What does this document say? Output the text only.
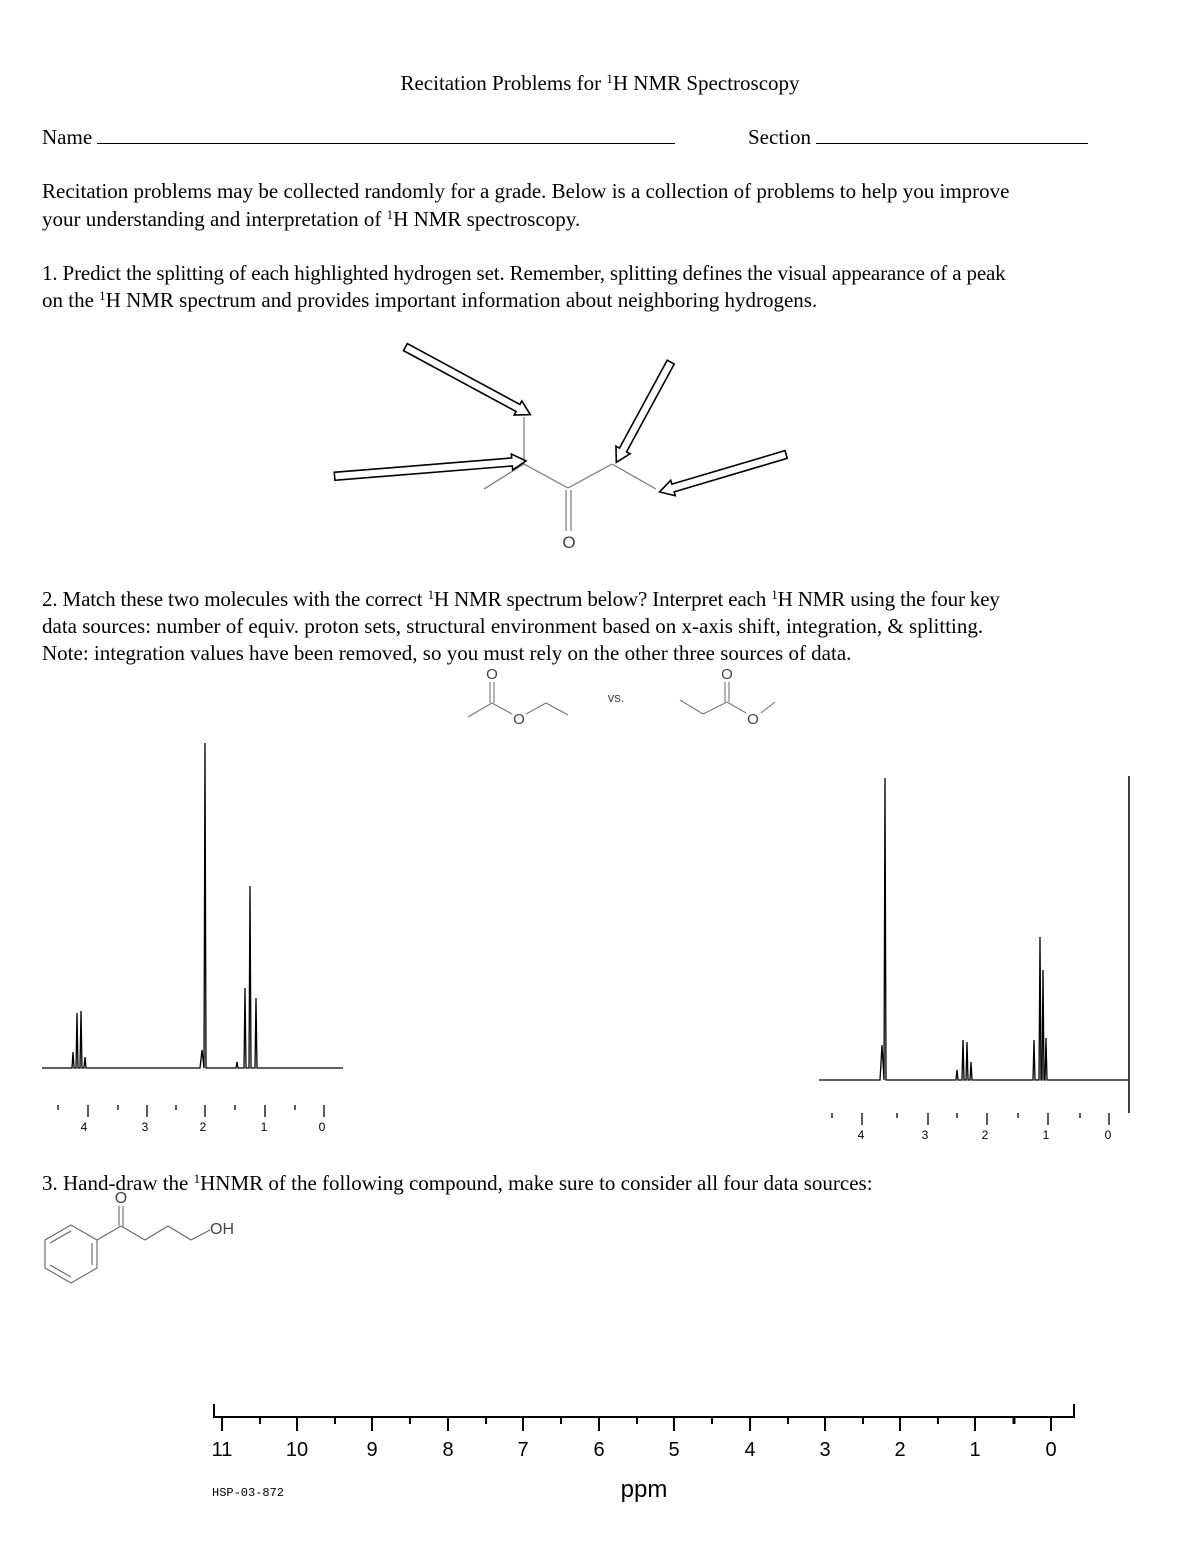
Recitation Problems for $^1$H NMR Spectroscopy
Name	Section
Recitation problems may be collected randomly for a grade. Below is a collection of problems to help you improve
your understanding and interpretation of $^1$H NMR spectroscopy.
1. Predict the splitting of each highlighted hydrogen set. Remember, splitting defines the visual appearance of a peak
on the $^1$H NMR spectrum and provides important information about neighboring hydrogens.
O
2. Match these two molecules with the correct $^1$H NMR spectrum below? Interpret each $^1$H NMR using the four key
data sources: number of equiv. proton sets, structural environment based on x-axis shift, integration, & splitting.
Note: integration values have been removed, so you must rely on the other three sources of data.
O
O
vs.
O
O
4	3	2	1	0
4	3	2	1	0
3. Hand-draw the $^1$HNMR of the following compound, make sure to consider all four data sources:
O
OH
11	10	9	8	7	6	5	4	3	2	1	0
ppm
HSP-03-872
